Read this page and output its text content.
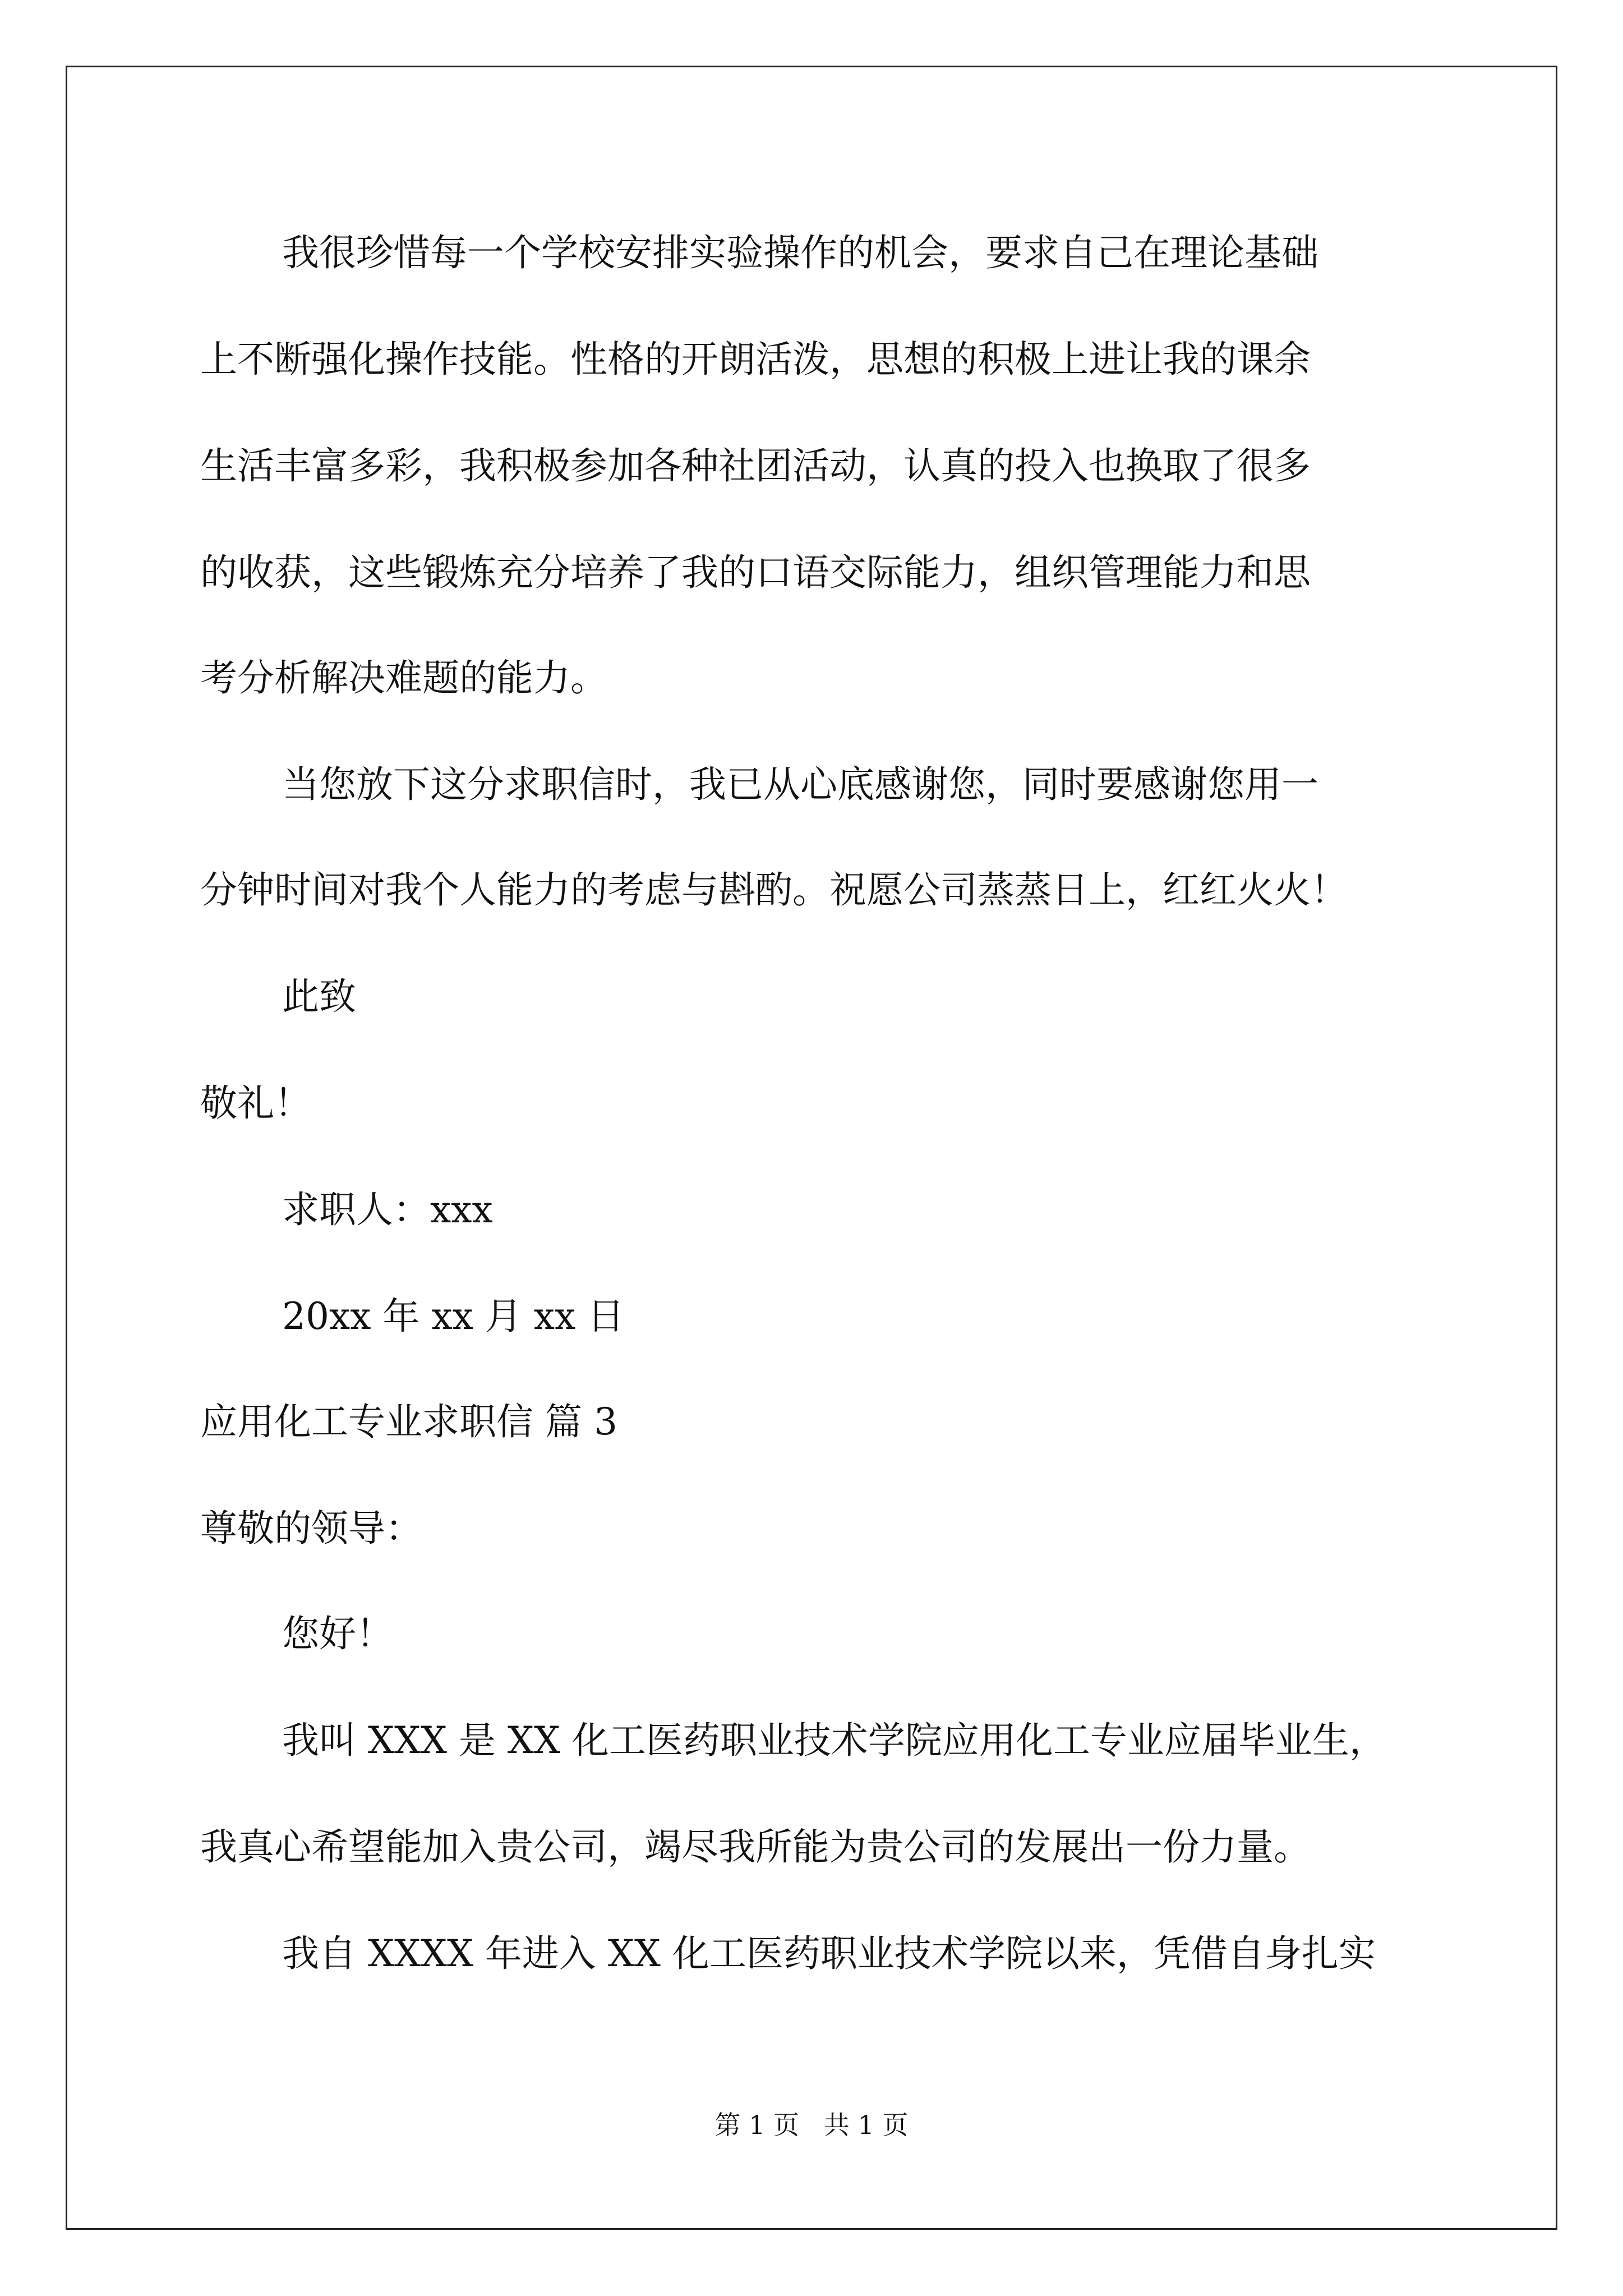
我很珍惜每一个学校安排实验操作的机会，要求自己在理论基础
上不断强化操作技能。性格的开朗活泼，思想的积极上进让我的课余
生活丰富多彩，我积极参加各种社团活动，认真的投入也换取了很多
的收获，这些锻炼充分培养了我的口语交际能力，组织管理能力和思
考分析解决难题的能力。
当您放下这分求职信时，我已从心底感谢您，同时要感谢您用一
分钟时间对我个人能力的考虑与斟酌。祝愿公司蒸蒸日上，红红火火！
此致
敬礼！
求职人：xxx
20xx 年 xx 月 xx 日
应用化工专业求职信 篇 3
尊敬的领导：
您好！
我叫 XXX 是 XX 化工医药职业技术学院应用化工专业应届毕业生，
我真心希望能加入贵公司，竭尽我所能为贵公司的发展出一份力量。
我自 XXXX 年进入 XX 化工医药职业技术学院以来，凭借自身扎实
第 1 页   共 1 页
